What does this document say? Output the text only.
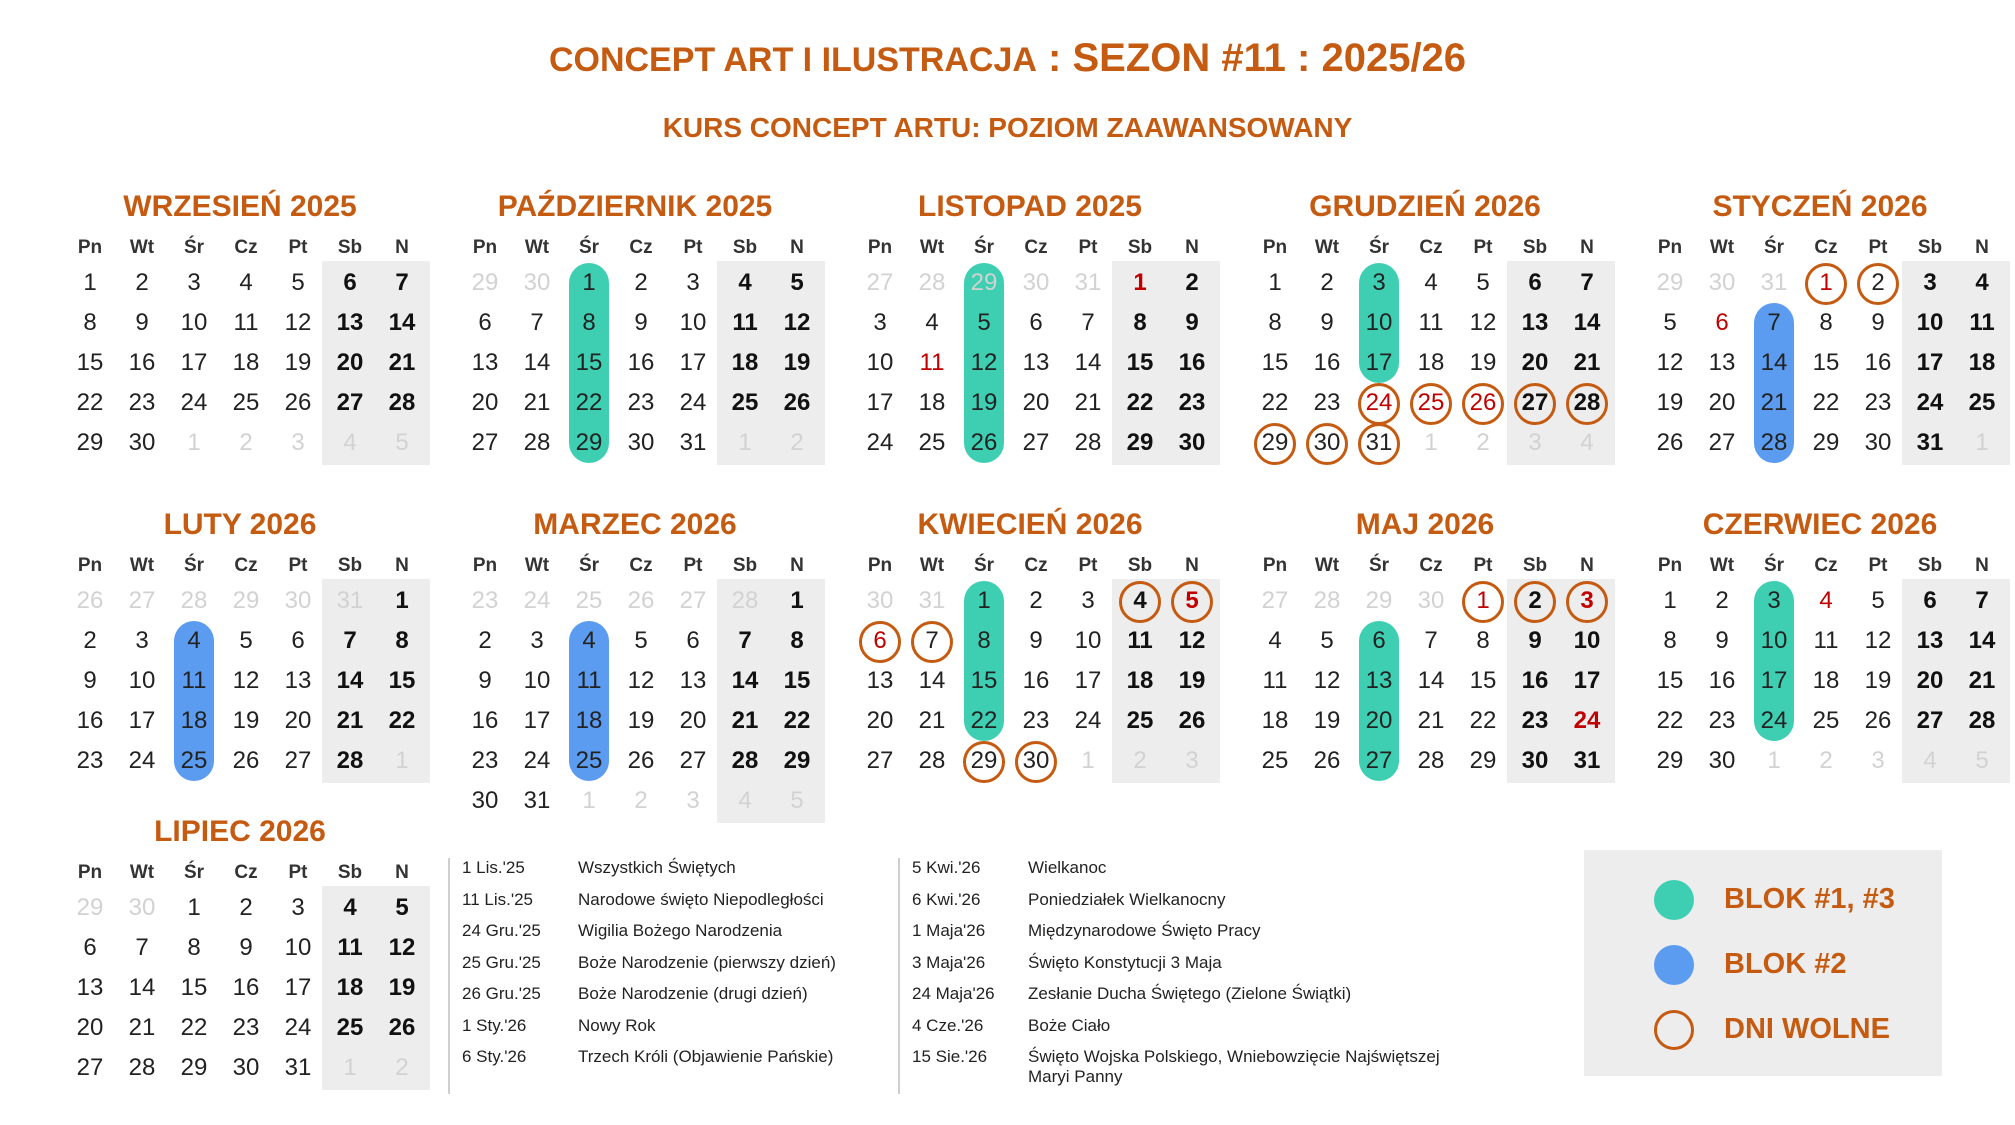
CONCEPT ART I ILUSTRACJA : SEZON #11 : 2025/26
KURS CONCEPT ARTU: POZIOM ZAAWANSOWANY
WRZESIEŃ 2025
Pn	Wt	Śr	Cz	Pt	Sb	N
1	2	3	4	5	6	7
8	9	10	11	12	13	14
15	16	17	18	19	20	21
22	23	24	25	26	27	28
29	30	1	2	3	4	5
PAŹDZIERNIK 2025
Pn	Wt	Śr	Cz	Pt	Sb	N
29	30	1	2	3	4	5
6	7	8	9	10	11	12
13	14	15	16	17	18	19
20	21	22	23	24	25	26
27	28	29	30	31	1	2
LISTOPAD 2025
Pn	Wt	Śr	Cz	Pt	Sb	N
27	28	29	30	31	1	2
3	4	5	6	7	8	9
10	11	12	13	14	15	16
17	18	19	20	21	22	23
24	25	26	27	28	29	30
GRUDZIEŃ 2026
Pn	Wt	Śr	Cz	Pt	Sb	N
1	2	3	4	5	6	7
8	9	10	11	12	13	14
15	16	17	18	19	20	21
22	23	24	25	26	27	28
29	30	31	1	2	3	4
STYCZEŃ 2026
Pn	Wt	Śr	Cz	Pt	Sb	N
29	30	31	1	2	3	4
5	6	7	8	9	10	11
12	13	14	15	16	17	18
19	20	21	22	23	24	25
26	27	28	29	30	31	1
LUTY 2026
Pn	Wt	Śr	Cz	Pt	Sb	N
26	27	28	29	30	31	1
2	3	4	5	6	7	8
9	10	11	12	13	14	15
16	17	18	19	20	21	22
23	24	25	26	27	28	1
MARZEC 2026
Pn	Wt	Śr	Cz	Pt	Sb	N
23	24	25	26	27	28	1
2	3	4	5	6	7	8
9	10	11	12	13	14	15
16	17	18	19	20	21	22
23	24	25	26	27	28	29
30	31	1	2	3	4	5
KWIECIEŃ 2026
Pn	Wt	Śr	Cz	Pt	Sb	N
30	31	1	2	3	4	5
6	7	8	9	10	11	12
13	14	15	16	17	18	19
20	21	22	23	24	25	26
27	28	29	30	1	2	3
MAJ 2026
Pn	Wt	Śr	Cz	Pt	Sb	N
27	28	29	30	1	2	3
4	5	6	7	8	9	10
11	12	13	14	15	16	17
18	19	20	21	22	23	24
25	26	27	28	29	30	31
CZERWIEC 2026
Pn	Wt	Śr	Cz	Pt	Sb	N
1	2	3	4	5	6	7
8	9	10	11	12	13	14
15	16	17	18	19	20	21
22	23	24	25	26	27	28
29	30	1	2	3	4	5
LIPIEC 2026
Pn	Wt	Śr	Cz	Pt	Sb	N
29	30	1	2	3	4	5
6	7	8	9	10	11	12
13	14	15	16	17	18	19
20	21	22	23	24	25	26
27	28	29	30	31	1	2
1 Lis.'25	Wszystkich Świętych
11 Lis.'25	Narodowe święto Niepodległości
24 Gru.'25 Wigilia Bożego Narodzenia
25 Gru.'25 Boże Narodzenie (pierwszy dzień)
26 Gru.'25 Boże Narodzenie (drugi dzień)
1 Sty.'26	Nowy Rok
6 Sty.'26	Trzech Króli (Objawienie Pańskie)
5 Kwi.'26	Wielkanoc
6 Kwi.'26	Poniedziałek Wielkanocny
1 Maja'26	Międzynarodowe Święto Pracy
3 Maja'26	Święto Konstytucji 3 Maja
24 Maja'26 Zesłanie Ducha Świętego (Zielone Świątki)
4 Cze.'26	Boże Ciało
15 Sie.'26 Święto Wojska Polskiego, Wniebowzięcie Najświętszej Maryi Panny
BLOK #1, #3
BLOK #2
DNI WOLNE
